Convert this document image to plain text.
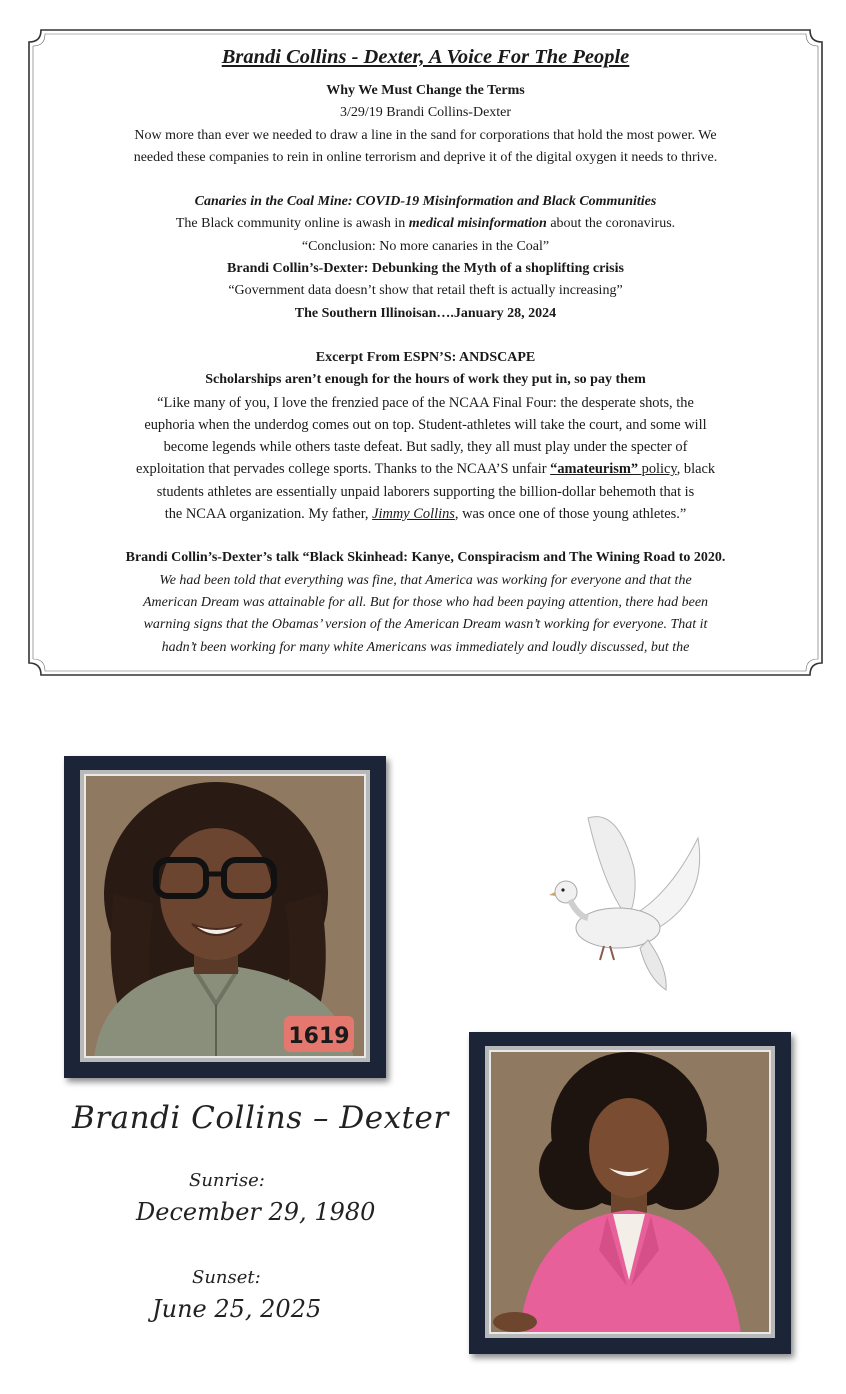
Brandi Collins - Dexter, A Voice For The People
Why We Must Change the Terms
3/29/19 Brandi Collins-Dexter
Now more than ever we needed to draw a line in the sand for corporations that hold the most power. We
needed these companies to rein in online terrorism and deprive it of the digital oxygen it needs to thrive.
Canaries in the Coal Mine: COVID-19 Misinformation and Black Communities
The Black community online is awash in medical misinformation about the coronavirus.
“Conclusion: No more canaries in the Coal”
Brandi Collin’s-Dexter: Debunking the Myth of a shoplifting crisis
“Government data doesn’t show that retail theft is actually increasing”
The Southern Illinoisan….January 28, 2024
Excerpt From ESPN’S: ANDSCAPE
Scholarships aren’t enough for the hours of work they put in, so pay them
“Like many of you, I love the frenzied pace of the NCAA Final Four: the desperate shots, the
euphoria when the underdog comes out on top. Student-athletes will take the court, and some will
become legends while others taste defeat. But sadly, they all must play under the specter of
exploitation that pervades college sports. Thanks to the NCAA’S unfair “amateurism” policy, black
students athletes are essentially unpaid laborers supporting the billion-dollar behemoth that is
the NCAA organization. My father, Jimmy Collins, was once one of those young athletes.”
Brandi Collin’s-Dexter’s talk “Black Skinhead: Kanye, Conspiracism and The Wining Road to 2020.
We had been told that everything was fine, that America was working for everyone and that the
American Dream was attainable for all. But for those who had been paying attention, there had been
warning signs that the Obamas’ version of the American Dream wasn’t working for everyone. That it
hadn’t been working for many white Americans was immediately and loudly discussed, but the
1619
Brandi Collins – Dexter
Sunrise:
December 29, 1980
Sunset:
June 25, 2025
